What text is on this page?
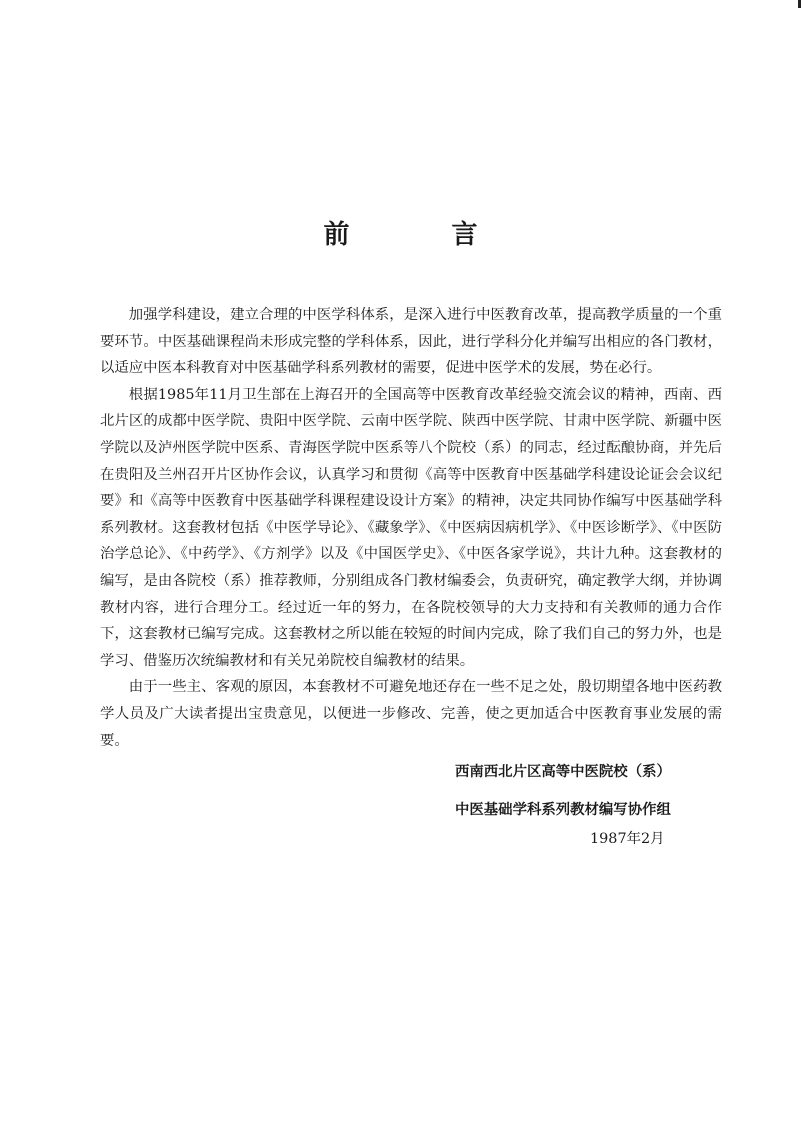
前　言

加强学科建设，建立合理的中医学科体系，是深入进行中医教育改革，提高教学质量的一个重要环节。中医基础课程尚未形成完整的学科体系，因此，进行学科分化并编写出相应的各门教材，以适应中医本科教育对中医基础学科系列教材的需要，促进中医学术的发展，势在必行。

根据1985年11月卫生部在上海召开的全国高等中医教育改革经验交流会议的精神，西南、西北片区的成都中医学院、贵阳中医学院、云南中医学院、陕西中医学院、甘肃中医学院、新疆中医学院以及泸州医学院中医系、青海医学院中医系等八个院校（系）的同志，经过酝酿协商，并先后在贵阳及兰州召开片区协作会议，认真学习和贯彻《高等中医教育中医基础学科建设论证会会议纪要》和《高等中医教育中医基础学科课程建设设计方案》的精神，决定共同协作编写中医基础学科系列教材。这套教材包括《中医学导论》、《藏象学》、《中医病因病机学》、《中医诊断学》、《中医防治学总论》、《中药学》、《方剂学》以及《中国医学史》、《中医各家学说》，共计九种。这套教材的编写，是由各院校（系）推荐教师，分别组成各门教材编委会，负责研究，确定教学大纲，并协调教材内容，进行合理分工。经过近一年的努力，在各院校领导的大力支持和有关教师的通力合作下，这套教材已编写完成。这套教材之所以能在较短的时间内完成，除了我们自己的努力外，也是学习、借鉴历次统编教材和有关兄弟院校自编教材的结果。

由于一些主、客观的原因，本套教材不可避免地还存在一些不足之处，殷切期望各地中医药教学人员及广大读者提出宝贵意见，以便进一步修改、完善，使之更加适合中医教育事业发展的需要。

西南西北片区高等中医院校（系）

中医基础学科系列教材编写协作组

1987年2月
